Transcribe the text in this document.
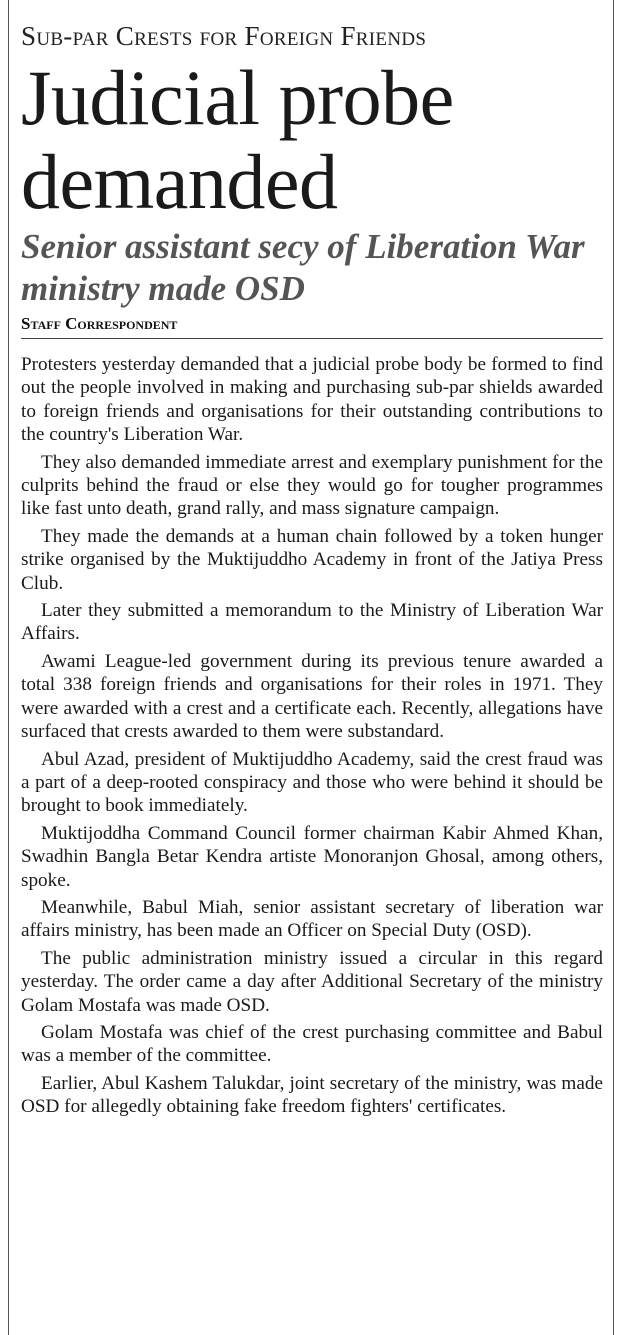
Sub-par Crests for Foreign Friends
Judicial probe demanded
Senior assistant secy of Liberation War ministry made OSD
Staff Correspondent

Protesters yesterday demanded that a judicial probe body be formed to find out the people involved in making and purchasing sub-par shields awarded to foreign friends and organisations for their outstanding contributions to the country's Liberation War.

They also demanded immediate arrest and exemplary punishment for the culprits behind the fraud or else they would go for tougher programmes like fast unto death, grand rally, and mass signature campaign.

They made the demands at a human chain followed by a token hunger strike organised by the Muktijuddho Academy in front of the Jatiya Press Club.

Later they submitted a memorandum to the Ministry of Liberation War Affairs.

Awami League-led government during its previous tenure awarded a total 338 foreign friends and organisations for their roles in 1971. They were awarded with a crest and a certificate each. Recently, allegations have surfaced that crests awarded to them were substandard.

Abul Azad, president of Muktijuddho Academy, said the crest fraud was a part of a deep-rooted conspiracy and those who were behind it should be brought to book immediately.

Muktijoddha Command Council former chairman Kabir Ahmed Khan, Swadhin Bangla Betar Kendra artiste Monoranjon Ghosal, among others, spoke.

Meanwhile, Babul Miah, senior assistant secretary of liberation war affairs ministry, has been made an Officer on Special Duty (OSD).

The public administration ministry issued a circular in this regard yesterday. The order came a day after Additional Secretary of the ministry Golam Mostafa was made OSD.

Golam Mostafa was chief of the crest purchasing committee and Babul was a member of the committee.

Earlier, Abul Kashem Talukdar, joint secretary of the ministry, was made OSD for allegedly obtaining fake freedom fighters' certificates.
